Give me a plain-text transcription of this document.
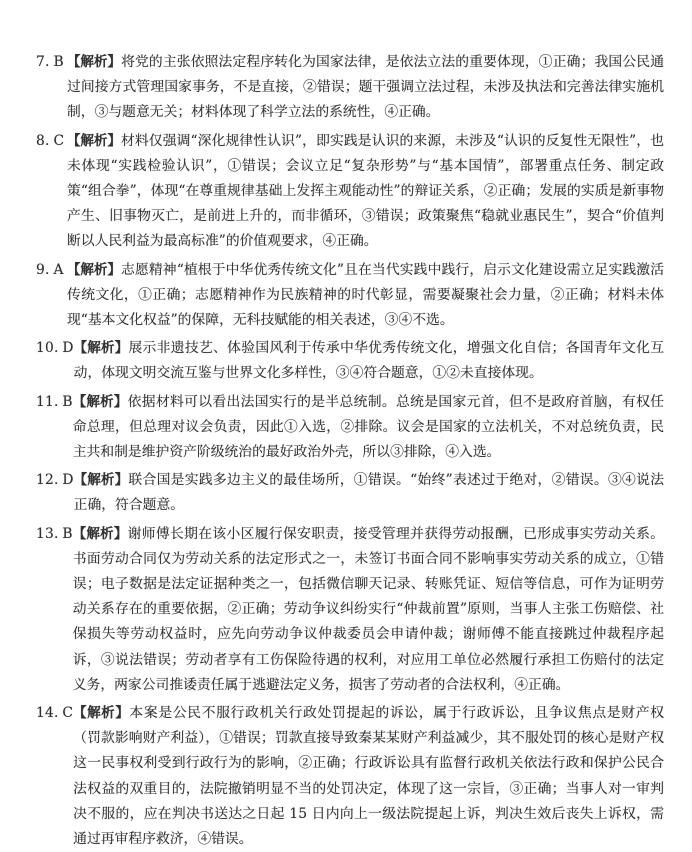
7. B 【解析】将党的主张依照法定程序转化为国家法律，是依法立法的重要体现，①正确；我国公民通过间接方式管理国家事务，不是直接，②错误；题干强调立法过程，未涉及执法和完善法律实施机制，③与题意无关；材料体现了科学立法的系统性，④正确。
8. C 【解析】材料仅强调“深化规律性认识”，即实践是认识的来源，未涉及“认识的反复性无限性”，也未体现“实践检验认识”，①错误；会议立足“复杂形势”与“基本国情”，部署重点任务、制定政策“组合拳”，体现“在尊重规律基础上发挥主观能动性”的辩证关系，②正确；发展的实质是新事物产生、旧事物灭亡，是前进上升的，而非循环，③错误；政策聚焦“稳就业惠民生”，契合“价值判断以人民利益为最高标准”的价值观要求，④正确。
9. A 【解析】志愿精神“植根于中华优秀传统文化”且在当代实践中践行，启示文化建设需立足实践激活传统文化，①正确；志愿精神作为民族精神的时代彰显，需要凝聚社会力量，②正确；材料未体现“基本文化权益”的保障，无科技赋能的相关表述，③④不选。
10. D 【解析】展示非遗技艺、体验国风利于传承中华优秀传统文化，增强文化自信；各国青年文化互动，体现文明交流互鉴与世界文化多样性，③④符合题意，①②未直接体现。
11. B 【解析】依据材料可以看出法国实行的是半总统制。总统是国家元首，但不是政府首脑，有权任命总理，但总理对议会负责，因此①入选，②排除。议会是国家的立法机关，不对总统负责，民主共和制是维护资产阶级统治的最好政治外壳，所以③排除，④入选。
12. D 【解析】联合国是实践多边主义的最佳场所，①错误。“始终”表述过于绝对，②错误。③④说法正确，符合题意。
13. B 【解析】谢师傅长期在该小区履行保安职责，接受管理并获得劳动报酬，已形成事实劳动关系。书面劳动合同仅为劳动关系的法定形式之一，未签订书面合同不影响事实劳动关系的成立，①错误；电子数据是法定证据种类之一，包括微信聊天记录、转账凭证、短信等信息，可作为证明劳动关系存在的重要依据，②正确；劳动争议纠纷实行“仲裁前置”原则，当事人主张工伤赔偿、社保损失等劳动权益时，应先向劳动争议仲裁委员会申请仲裁；谢师傅不能直接跳过仲裁程序起诉，③说法错误；劳动者享有工伤保险待遇的权利，对应用工单位必然履行承担工伤赔付的法定义务，两家公司推诿责任属于逃避法定义务，损害了劳动者的合法权利，④正确。
14. C 【解析】本案是公民不服行政机关行政处罚提起的诉讼，属于行政诉讼，且争议焦点是财产权（罚款影响财产利益），①错误；罚款直接导致秦某某财产利益减少，其不服处罚的核心是财产权这一民事权利受到行政行为的影响，②正确；行政诉讼具有监督行政机关依法行政和保护公民合法权益的双重目的，法院撤销明显不当的处罚决定，体现了这一宗旨，③正确；当事人对一审判决不服的，应在判决书送达之日起 15 日内向上一级法院提起上诉，判决生效后丧失上诉权，需通过再审程序救济，④错误。
